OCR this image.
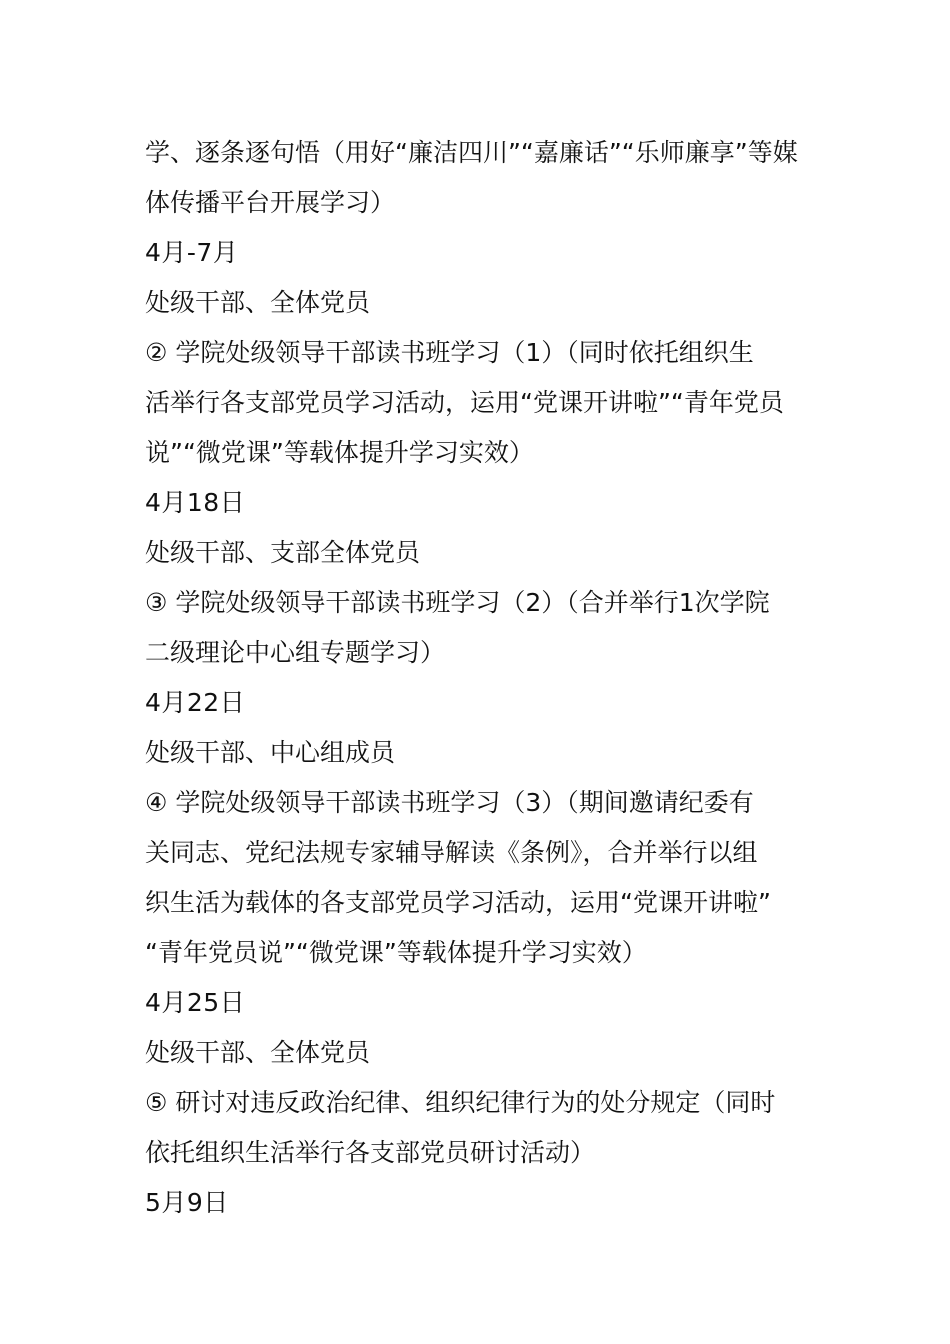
学、逐条逐句悟（用好“廉洁四川”“嘉廉话”“乐师廉享”等媒
体传播平台开展学习）
4月-7月
处级干部、全体党员
② 学院处级领导干部读书班学习（1）（同时依托组织生
活举行各支部党员学习活动，运用“党课开讲啦”“青年党员
说”“微党课”等载体提升学习实效）
4月18日
处级干部、支部全体党员
③ 学院处级领导干部读书班学习（2）（合并举行1次学院
二级理论中心组专题学习）
4月22日
处级干部、中心组成员
④ 学院处级领导干部读书班学习（3）（期间邀请纪委有
关同志、党纪法规专家辅导解读《条例》，合并举行以组
织生活为载体的各支部党员学习活动，运用“党课开讲啦”
“青年党员说”“微党课”等载体提升学习实效）
4月25日
处级干部、全体党员
⑤ 研讨对违反政治纪律、组织纪律行为的处分规定（同时
依托组织生活举行各支部党员研讨活动）
5月9日
